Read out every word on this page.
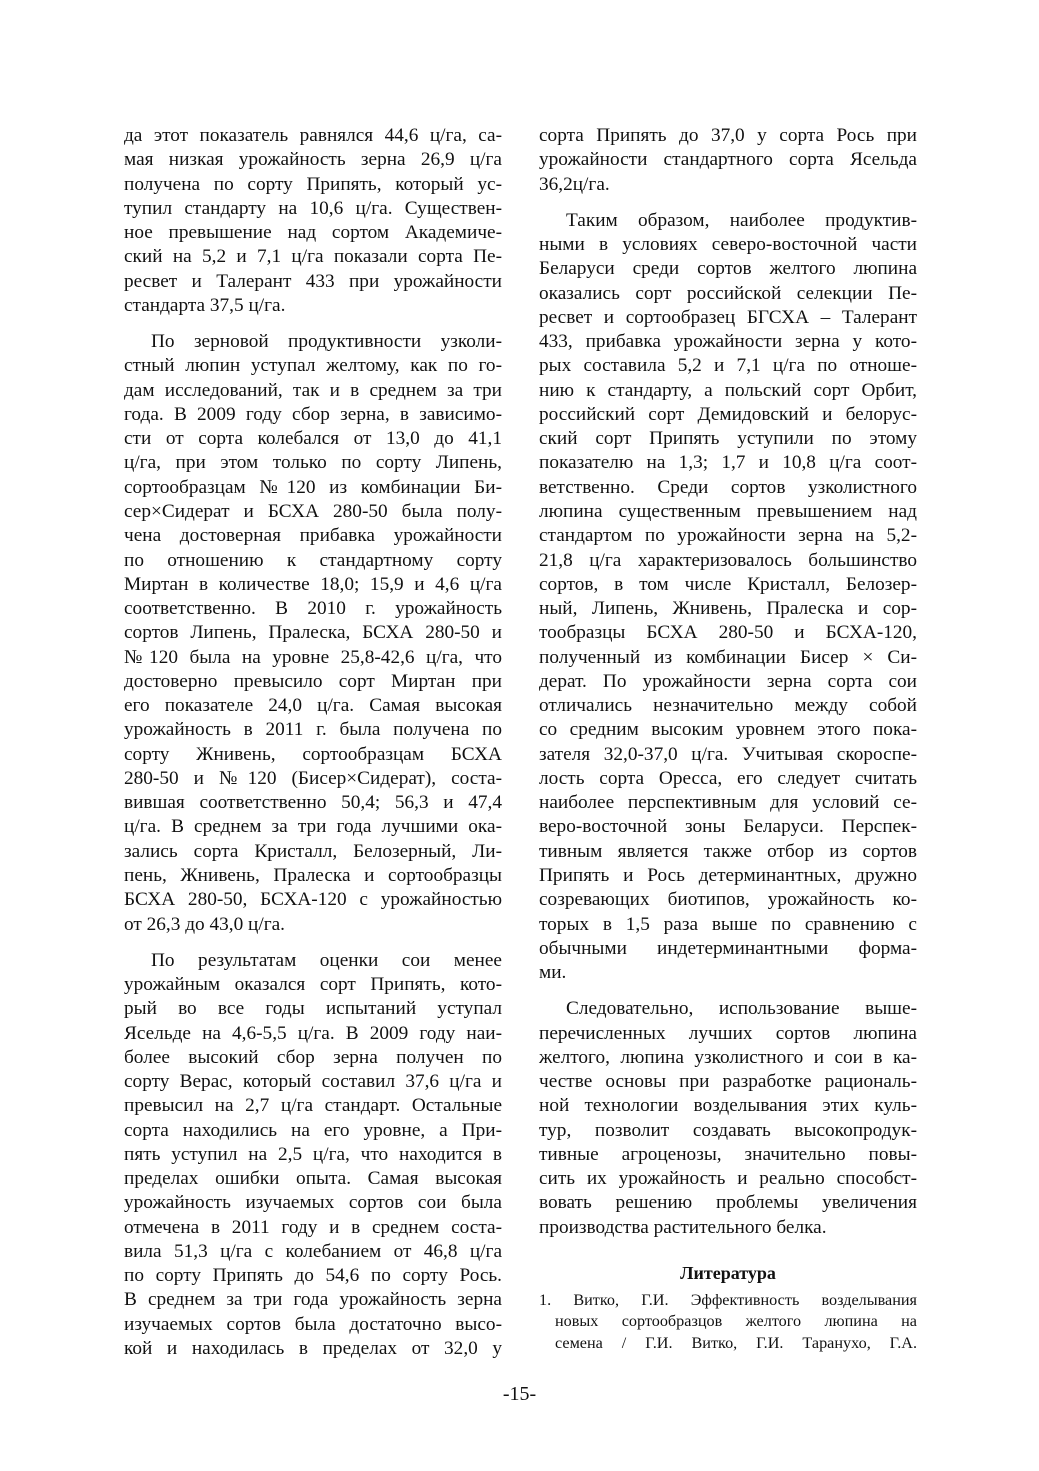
да этот показатель равнялся 44,6 ц/га, са-
мая низкая урожайность зерна 26,9 ц/га
получена по сорту Припять, который ус-
тупил стандарту на 10,6 ц/га. Существен-
ное превышение над сортом Академиче-
ский на 5,2 и 7,1 ц/га показали сорта Пе-
ресвет и Талерант 433 при урожайности
стандарта 37,5 ц/га.
По зерновой продуктивности узколи-
стный люпин уступал желтому, как по го-
дам исследований, так и в среднем за три
года. В 2009 году сбор зерна, в зависимо-
сти от сорта колебался от 13,0 до 41,1
ц/га, при этом только по сорту Липень,
сортообразцам №120 из комбинации Би-
сер×Сидерат и БСХА 280-50 была полу-
чена достоверная прибавка урожайности
по отношению к стандартному сорту
Миртан в количестве 18,0; 15,9 и 4,6 ц/га
соответственно. В 2010 г. урожайность
сортов Липень, Пралеска, БСХА 280-50 и
№120 была на уровне 25,8-42,6 ц/га, что
достоверно превысило сорт Миртан при
его показателе 24,0 ц/га. Самая высокая
урожайность в 2011 г. была получена по
сорту Жнивень, сортообразцам БСХА
280-50 и №120 (Бисер×Сидерат), соста-
вившая соответственно 50,4; 56,3 и 47,4
ц/га. В среднем за три года лучшими ока-
зались сорта Кристалл, Белозерный, Ли-
пень, Жнивень, Пралеска и сортообразцы
БСХА 280-50, БСХА-120 с урожайностью
от 26,3 до 43,0 ц/га.
По результатам оценки сои менее
урожайным оказался сорт Припять, кото-
рый во все годы испытаний уступал
Ясельде на 4,6-5,5 ц/га. В 2009 году наи-
более высокий сбор зерна получен по
сорту Верас, который составил 37,6 ц/га и
превысил на 2,7 ц/га стандарт. Остальные
сорта находились на его уровне, а При-
пять уступил на 2,5 ц/га, что находится в
пределах ошибки опыта. Самая высокая
урожайность изучаемых сортов сои была
отмечена в 2011 году и в среднем соста-
вила 51,3 ц/га с колебанием от 46,8 ц/га
по сорту Припять до 54,6 по сорту Рось.
В среднем за три года урожайность зерна
изучаемых сортов была достаточно высо-
кой и находилась в пределах от 32,0 у
сорта Припять до 37,0 у сорта Рось при
урожайности стандартного сорта Ясельда
36,2ц/га.
Таким образом, наиболее продуктив-
ными в условиях северо-восточной части
Беларуси среди сортов желтого люпина
оказались сорт российской селекции Пе-
ресвет и сортообразец БГСХА – Талерант
433, прибавка урожайности зерна у кото-
рых составила 5,2 и 7,1 ц/га по отноше-
нию к стандарту, а польский сорт Орбит,
российский сорт Демидовский и белорус-
ский сорт Припять уступили по этому
показателю на 1,3; 1,7 и 10,8 ц/га соот-
ветственно. Среди сортов узколистного
люпина существенным превышением над
стандартом по урожайности зерна на 5,2-
21,8 ц/га характеризовалось большинство
сортов, в том числе Кристалл, Белозер-
ный, Липень, Жнивень, Пралеска и сор-
тообразцы БСХА 280-50 и БСХА-120,
полученный из комбинации Бисер × Си-
дерат. По урожайности зерна сорта сои
отличались незначительно между собой
со средним высоким уровнем этого пока-
зателя 32,0-37,0 ц/га. Учитывая скороспе-
лость сорта Оресса, его следует считать
наиболее перспективным для условий се-
веро-восточной зоны Беларуси. Перспек-
тивным является также отбор из сортов
Припять и Рось детерминантных, дружно
созревающих биотипов, урожайность ко-
торых в 1,5 раза выше по сравнению с
обычными индетерминантными форма-
ми.
Следовательно, использование выше-
перечисленных лучших сортов люпина
желтого, люпина узколистного и сои в ка-
честве основы при разработке рациональ-
ной технологии возделывания этих куль-
тур, позволит создавать высокопродук-
тивные агроценозы, значительно повы-
сить их урожайность и реально способст-
вовать решению проблемы увеличения
производства растительного белка.
Литература
1. Витко, Г.И. Эффективность возделывания
новых сортообразцов желтого люпина на
семена / Г.И. Витко, Г.И. Таранухо, Г.А.
-15-
